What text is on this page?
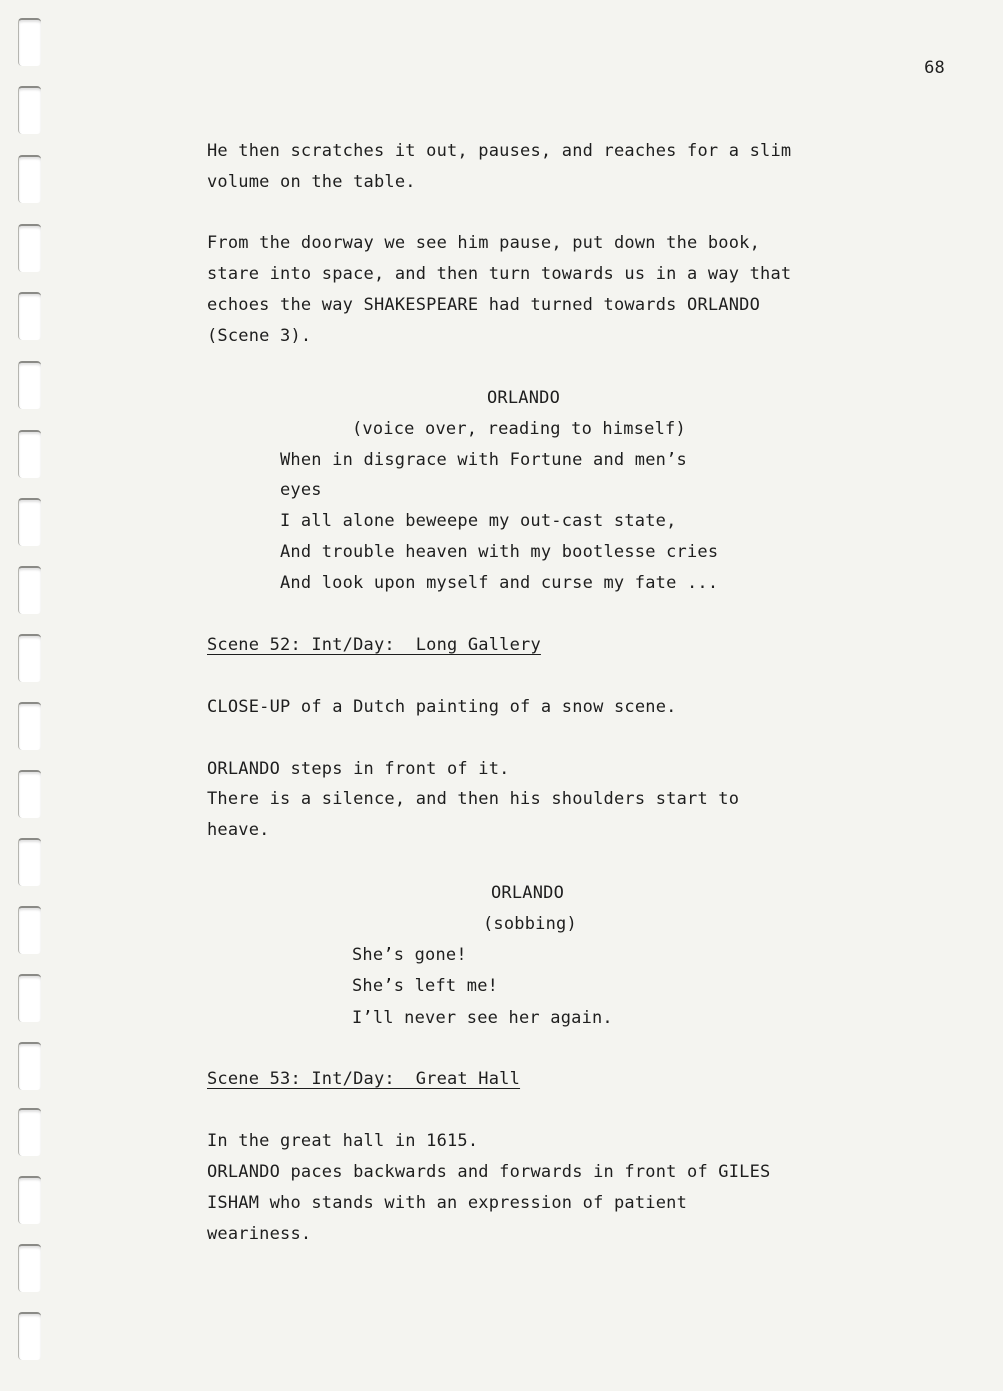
68
He then scratches it out, pauses, and reaches for a slim
volume on the table.
From the doorway we see him pause, put down the book,
stare into space, and then turn towards us in a way that
echoes the way SHAKESPEARE had turned towards ORLANDO
(Scene 3).
ORLANDO
(voice over, reading to himself)
When in disgrace with Fortune and men’s
eyes
I all alone beweepe my out-cast state,
And trouble heaven with my bootlesse cries
And look upon myself and curse my fate ...
Scene 52: Int/Day:  Long Gallery
CLOSE-UP of a Dutch painting of a snow scene.
ORLANDO steps in front of it.
There is a silence, and then his shoulders start to
heave.
ORLANDO
(sobbing)
She’s gone!
She’s left me!
I’ll never see her again.
Scene 53: Int/Day:  Great Hall
In the great hall in 1615.
ORLANDO paces backwards and forwards in front of GILES
ISHAM who stands with an expression of patient
weariness.
